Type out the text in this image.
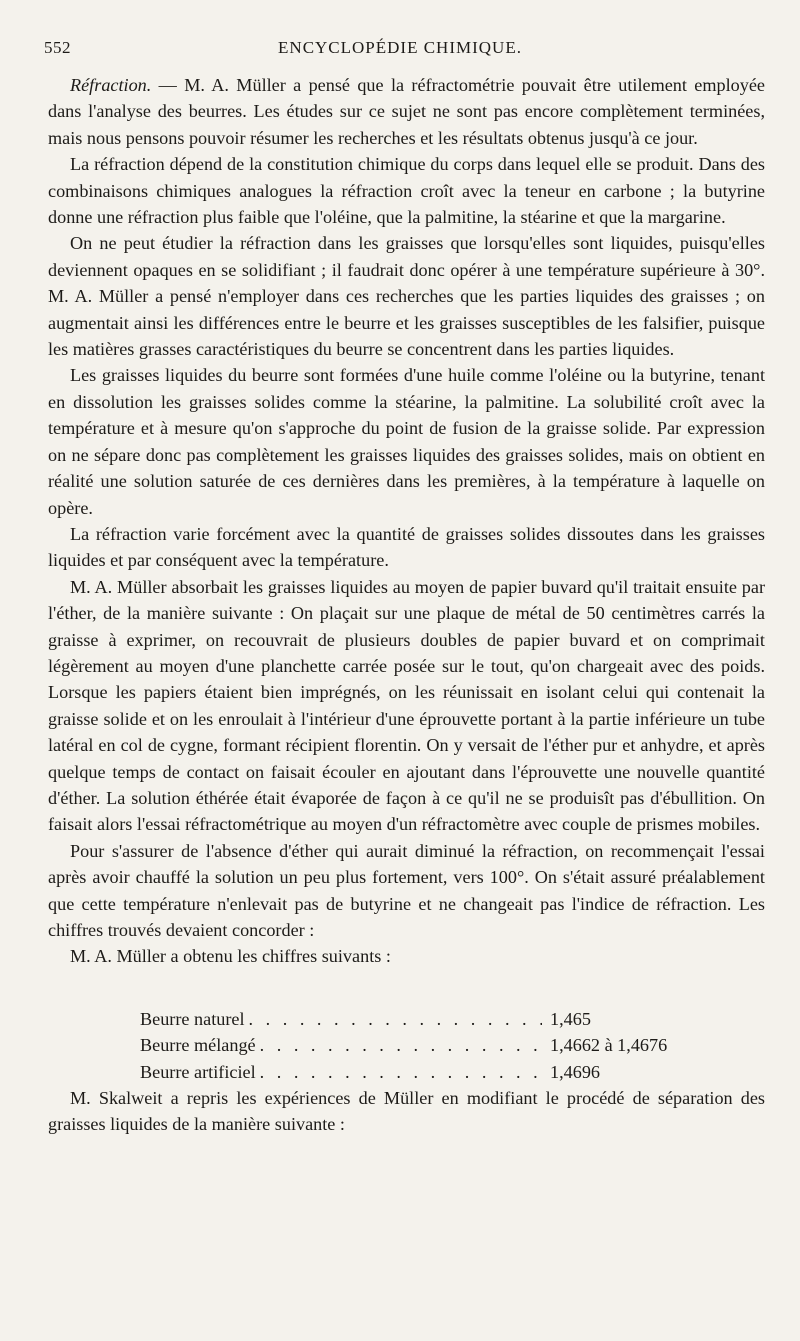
552	ENCYCLOPÉDIE CHIMIQUE.

Réfraction. — M. A. Müller a pensé que la réfractométrie pouvait être utilement employée dans l'analyse des beurres. Les études sur ce sujet ne sont pas encore complètement terminées, mais nous pensons pouvoir résumer les recherches et les résultats obtenus jusqu'à ce jour.

La réfraction dépend de la constitution chimique du corps dans lequel elle se produit. Dans des combinaisons chimiques analogues la réfraction croît avec la teneur en carbone ; la butyrine donne une réfraction plus faible que l'oléine, que la palmitine, la stéarine et que la margarine.

On ne peut étudier la réfraction dans les graisses que lorsqu'elles sont liquides, puisqu'elles deviennent opaques en se solidifiant ; il faudrait donc opérer à une température supérieure à 30°. M. A. Müller a pensé n'employer dans ces recherches que les parties liquides des graisses ; on augmentait ainsi les différences entre le beurre et les graisses susceptibles de les falsifier, puisque les matières grasses caractéristiques du beurre se concentrent dans les parties liquides.

Les graisses liquides du beurre sont formées d'une huile comme l'oléine ou la butyrine, tenant en dissolution les graisses solides comme la stéarine, la palmitine. La solubilité croît avec la température et à mesure qu'on s'approche du point de fusion de la graisse solide. Par expression on ne sépare donc pas complètement les graisses liquides des graisses solides, mais on obtient en réalité une solution saturée de ces dernières dans les premières, à la température à laquelle on opère.

La réfraction varie forcément avec la quantité de graisses solides dissoutes dans les graisses liquides et par conséquent avec la température.

M. A. Müller absorbait les graisses liquides au moyen de papier buvard qu'il traitait ensuite par l'éther, de la manière suivante : On plaçait sur une plaque de métal de 50 centimètres carrés la graisse à exprimer, on recouvrait de plusieurs doubles de papier buvard et on comprimait légèrement au moyen d'une planchette carrée posée sur le tout, qu'on chargeait avec des poids. Lorsque les papiers étaient bien imprégnés, on les réunissait en isolant celui qui contenait la graisse solide et on les enroulait à l'intérieur d'une éprouvette portant à la partie inférieure un tube latéral en col de cygne, formant récipient florentin. On y versait de l'éther pur et anhydre, et après quelque temps de contact on faisait écouler en ajoutant dans l'éprouvette une nouvelle quantité d'éther. La solution éthérée était évaporée de façon à ce qu'il ne se produisît pas d'ébullition. On faisait alors l'essai réfractométrique au moyen d'un réfractomètre avec couple de prismes mobiles.

Pour s'assurer de l'absence d'éther qui aurait diminué la réfraction, on recommençait l'essai après avoir chauffé la solution un peu plus fortement, vers 100°. On s'était assuré préalablement que cette température n'enlevait pas de butyrine et ne changeait pas l'indice de réfraction. Les chiffres trouvés devaient concorder :

M. A. Müller a obtenu les chiffres suivants :

Beurre naturel . . .	1,465
Beurre mélangé . . .	1,4662 à 1,4676
Beurre artificiel . . .	1,4696

M. Skalweit a repris les expériences de Müller en modifiant le procédé de séparation des graisses liquides de la manière suivante :
